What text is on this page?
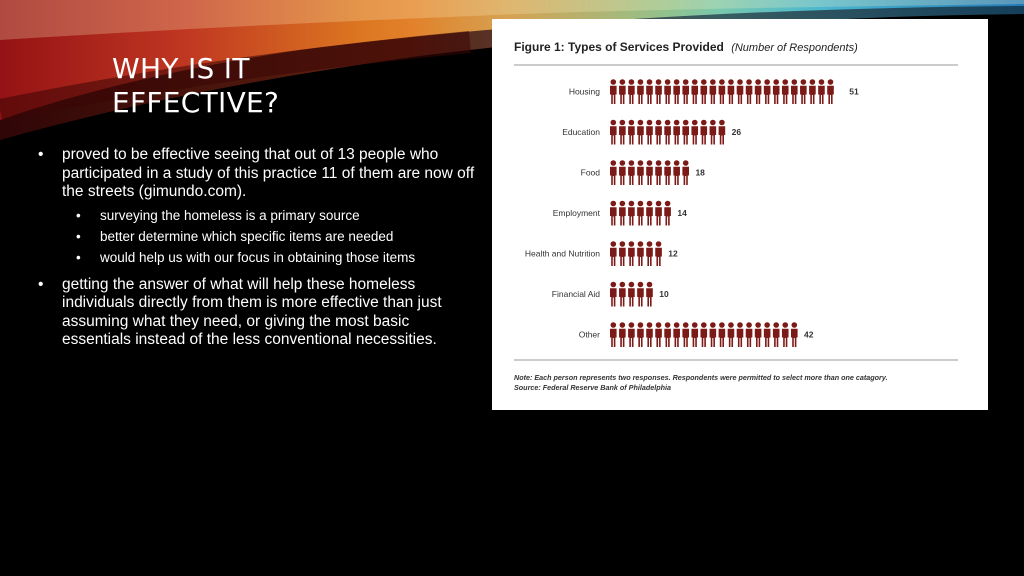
WHY IS IT
EFFECTIVE?
• proved to be effective seeing that out of 13 people who participated in a study of this practice 11 of them are now off the streets (gimundo.com).
• surveying the homeless is a primary source
• better determine which specific items are needed
• would help us with our focus in obtaining those items
• getting the answer of what will help these homeless individuals directly from them is more effective than just assuming what they need, or giving the most basic essentials instead of the less conventional necessities.
Figure 1: Types of Services Provided (Number of Respondents)
Housing	51
Education	26
Food	18
Employment	14
Health and Nutrition	12
Financial Aid	10
Other	42
Note: Each person represents two responses. Respondents were permitted to select more than one catagory.
Source: Federal Reserve Bank of Philadelphia
